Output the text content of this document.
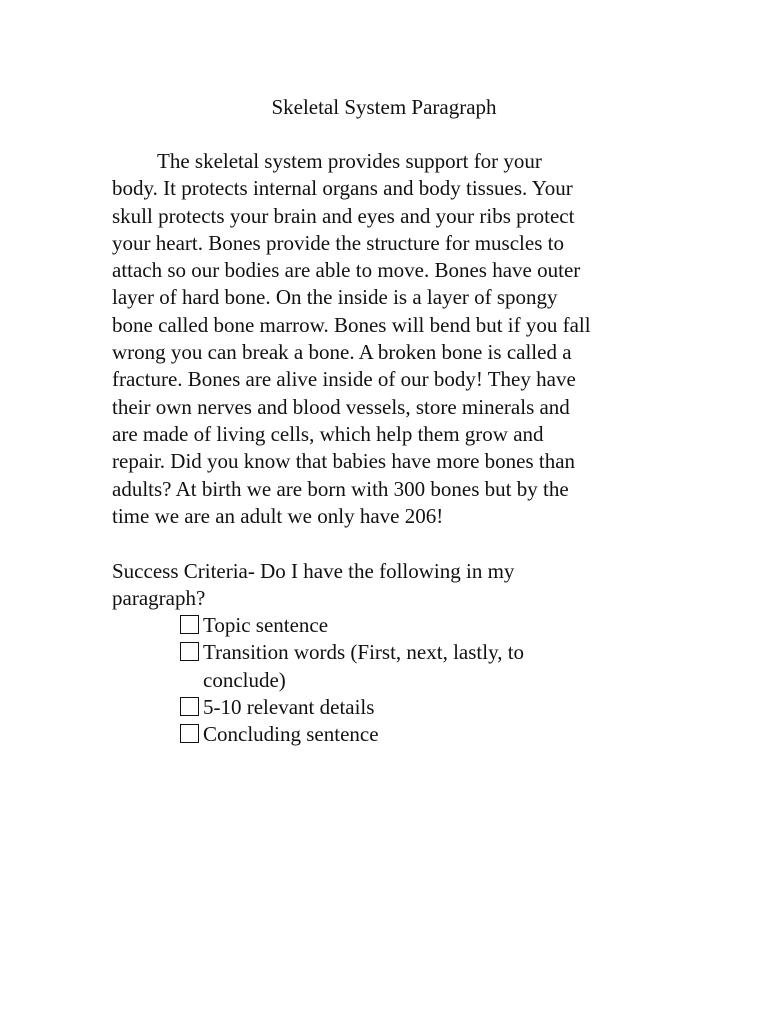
Skeletal System Paragraph

The skeletal system provides support for your
body. It protects internal organs and body tissues. Your
skull protects your brain and eyes and your ribs protect
your heart. Bones provide the structure for muscles to
attach so our bodies are able to move. Bones have outer
layer of hard bone. On the inside is a layer of spongy
bone called bone marrow. Bones will bend but if you fall
wrong you can break a bone. A broken bone is called a
fracture. Bones are alive inside of our body! They have
their own nerves and blood vessels, store minerals and
are made of living cells, which help them grow and
repair. Did you know that babies have more bones than
adults? At birth we are born with 300 bones but by the
time we are an adult we only have 206!

Success Criteria- Do I have the following in my
paragraph?

Topic sentence
Transition words (First, next, lastly, to
conclude)
5-10 relevant details
Concluding sentence
